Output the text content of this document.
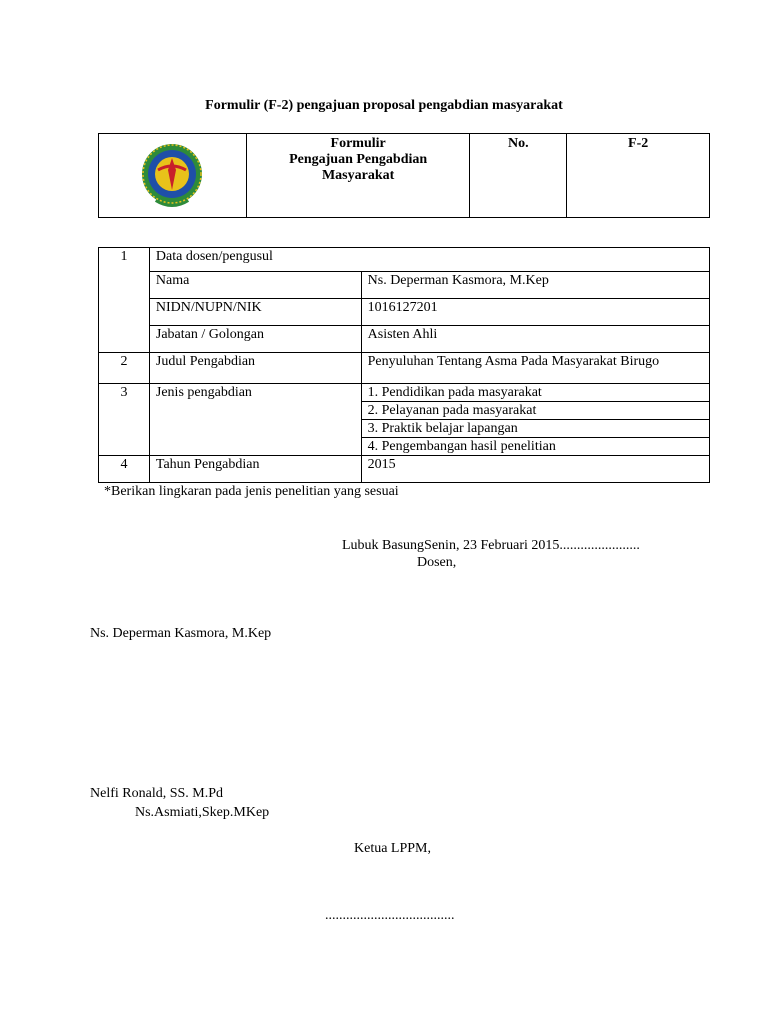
Formulir (F-2) pengajuan proposal pengabdian masyarakat

Formulir
Pengajuan Pengabdian
Masyarakat
	No.	F-2
1	Data dosen/pengusul	
	Nama	Ns. Deperman Kasmora, M.Kep
	NIDN/NUPN/NIK	1016127201
	Jabatan / Golongan	Asisten Ahli
2	Judul Pengabdian	Penyuluhan Tentang Asma Pada Masyarakat Birugo
3	Jenis pengabdian	1. Pendidikan pada masyarakat
2. Pelayanan pada masyarakat
3. Praktik belajar lapangan
4. Pengembangan hasil penelitian

4	Tahun Pengabdian	2015
*Berikan lingkaran pada jenis penelitian yang sesuai
Lubuk BasungSenin, 23 Februari 2015.......................
Dosen,
Ns. Deperman Kasmora, M.Kep
Nelfi Ronald, SS. M.Pd
Ns.Asmiati,Skep.MKep
Ketua LPPM,
.....................................
